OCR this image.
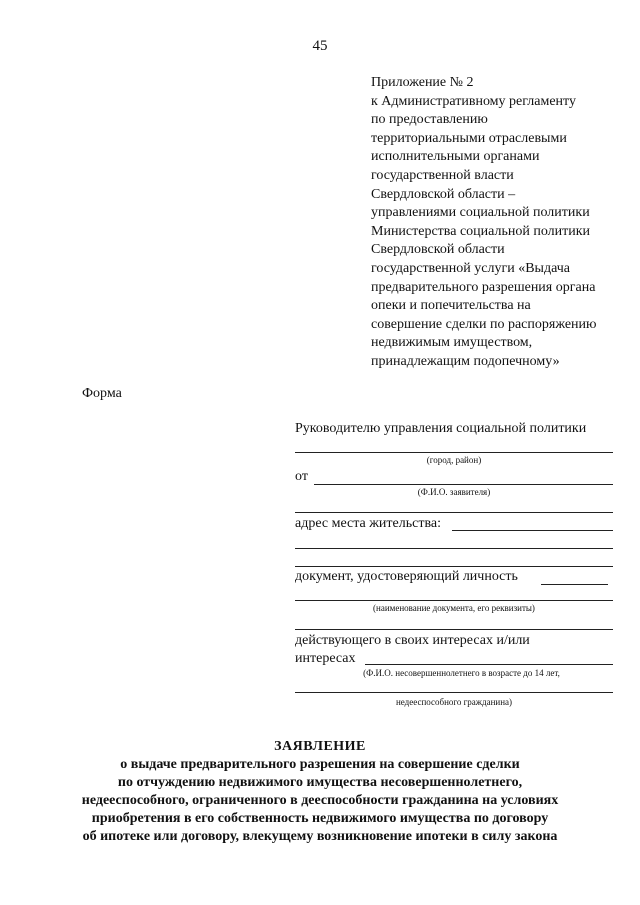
45
Приложение № 2
к Административному регламенту
по предоставлению
территориальными отраслевыми
исполнительными органами
государственной власти
Свердловской области –
управлениями социальной политики
Министерства социальной политики
Свердловской области
государственной услуги «Выдача
предварительного разрешения органа
опеки и попечительства на
совершение сделки по распоряжению
недвижимым имуществом,
принадлежащим подопечному»
Форма
Руководителю управления социальной политики
(город, район)
от
(Ф.И.О. заявителя)
адрес места жительства:
документ, удостоверяющий личность
(наименование документа, его реквизиты)
действующего в своих интересах и/или
интересах
(Ф.И.О. несовершеннолетнего в возрасте до 14 лет,
недееспособного гражданина)
ЗАЯВЛЕНИЕ
о выдаче предварительного разрешения на совершение сделки
по отчуждению недвижимого имущества несовершеннолетнего,
недееспособного, ограниченного в дееспособности гражданина на условиях
приобретения в его собственность недвижимого имущества по договору
об ипотеке или договору, влекущему возникновение ипотеки в силу закона
